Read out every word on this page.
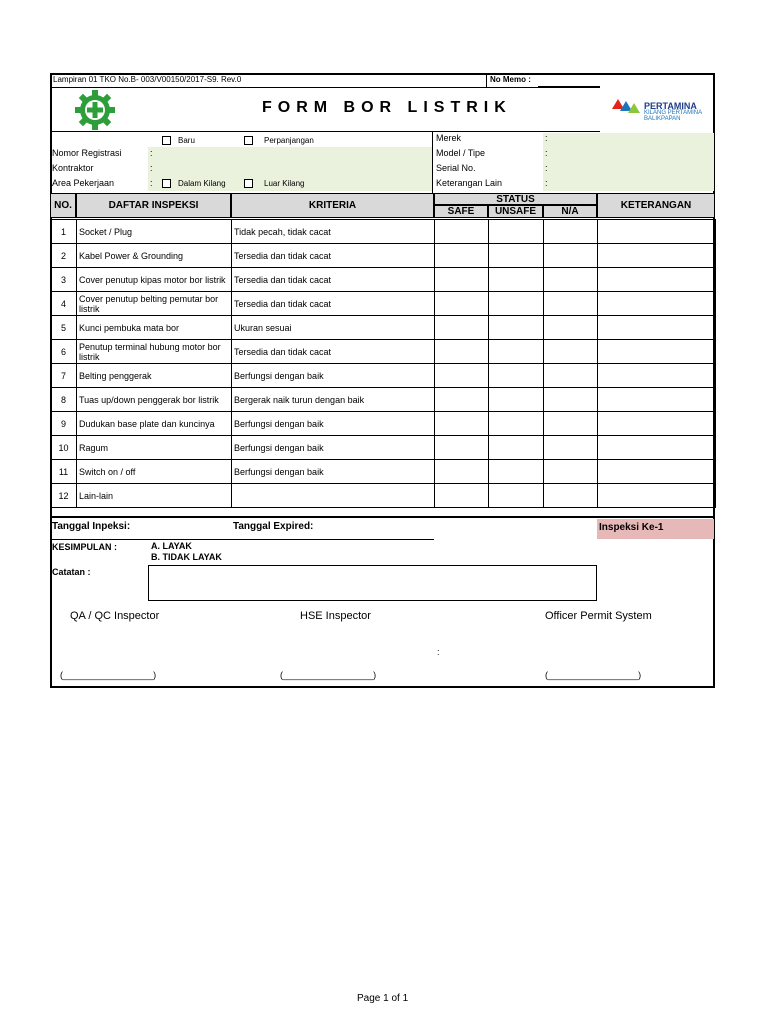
Lampiran 01 TKO No.B- 003/V00150/2017-S9. Rev.0	No Memo :
FORM BOR LISTRIK	PERTAMINA
KILANG PERTAMINA
BALIKPAPAN
Baru	Perpanjangan
Nomor Registrasi	:
Kontraktor	:
Area Pekerjaan	:	Dalam Kilang	Luar Kilang
Merek	:
Model / Tipe	:
Serial No.	:
Keterangan Lain	:
NO.	DAFTAR INSPEKSI	KRITERIA
STATUS
SAFE	UNSAFE	N/A
KETERANGAN
1	Socket / Plug	Tidak pecah, tidak cacat				
2	Kabel Power & Grounding	Tersedia dan tidak cacat				
3	Cover penutup kipas motor bor listrik	Tersedia dan tidak cacat				
4	Cover penutup belting pemutar bor listrik	Tersedia dan tidak cacat				
5	Kunci pembuka mata bor	Ukuran sesuai				
6	Penutup terminal hubung motor bor listrik	Tersedia dan tidak cacat				
7	Belting penggerak	Berfungsi dengan baik				
8	Tuas up/down penggerak bor listrik	Bergerak naik turun dengan baik				
9	Dudukan base plate dan kuncinya	Berfungsi dengan baik				
10	Ragum	Berfungsi dengan baik				
11	Switch on / off	Berfungsi dengan baik				
12	Lain-lain					
Tanggal Inpeksi:	Tanggal Expired:	Inspeksi Ke-1
KESIMPULAN :	A. LAYAK
B. TIDAK LAYAK
Catatan :
QA / QC Inspector	HSE Inspector	Officer Permit System
:
(__________________)	(__________________)	(__________________)
Page 1 of 1
